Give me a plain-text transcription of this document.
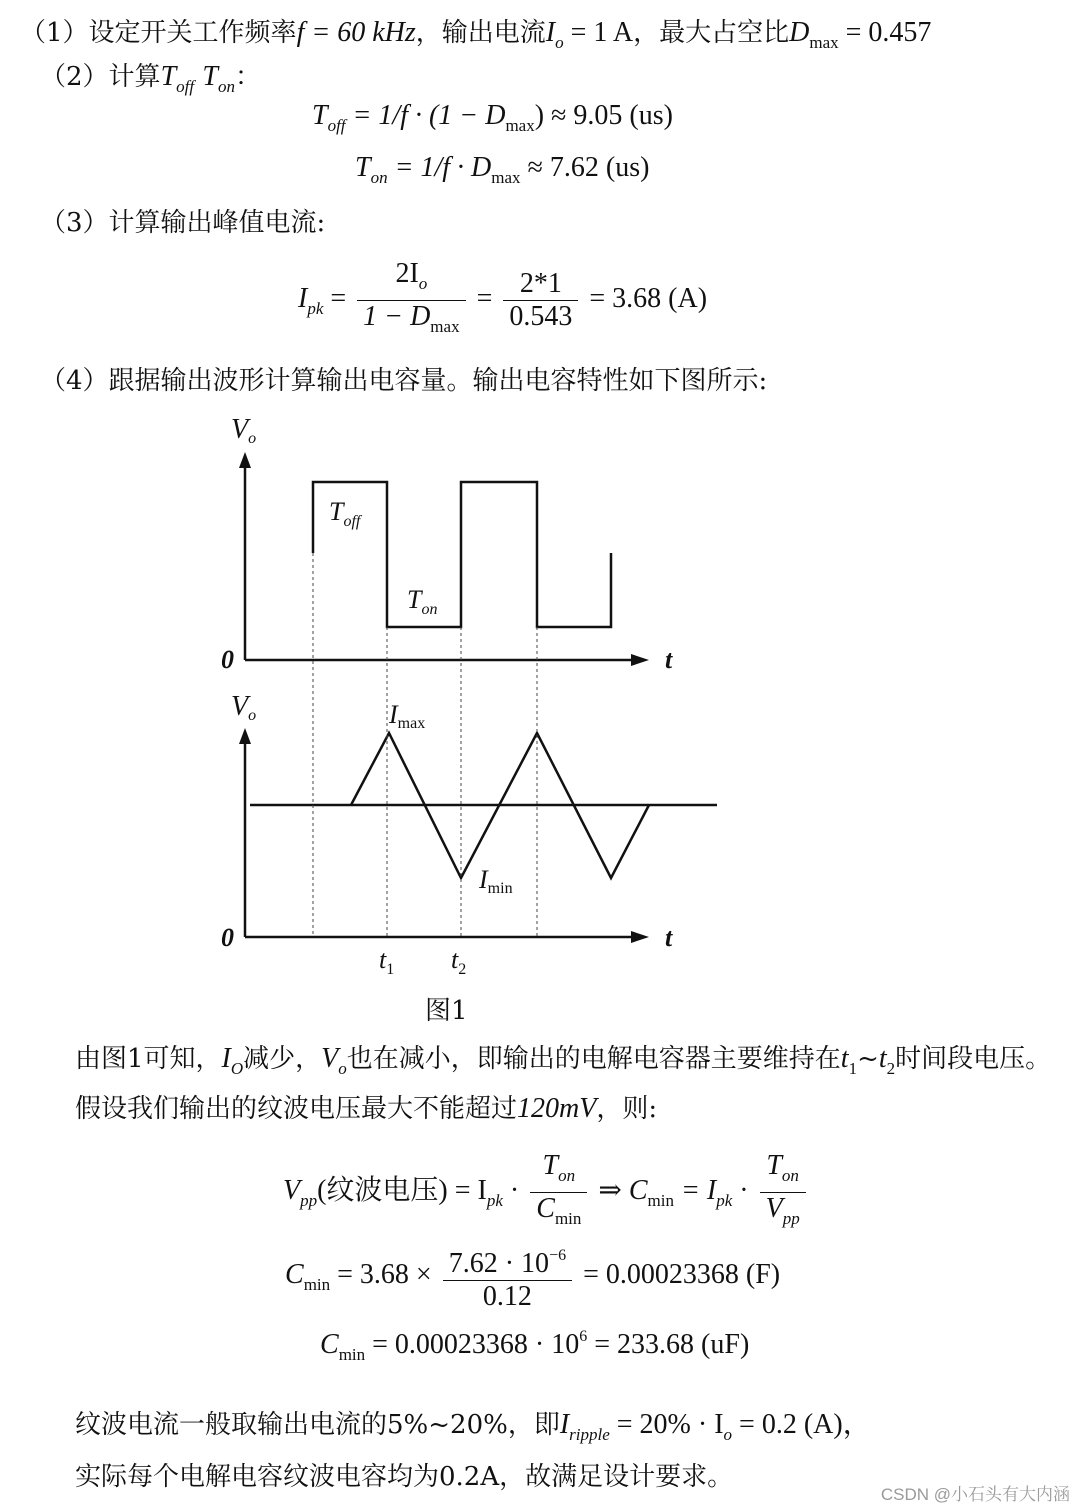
（1）设定开关工作频率f = 60 kHz，输出电流$I_o = 1$ A，最大占空比$D_{max} = 0.457$
（2）计算$T_{off}$ $T_{on}$：
$T_{off} = 1/f \cdot (1 - D_{max}) \approx 9.05$ (us)
$T_{on} = 1/f \cdot D_{max} \approx 7.62$ (us)
（3）计算输出峰值电流:
$I_{pk} = \frac{2I_o}{1 - D_{max}} = \frac{2*1}{0.543} = 3.68$ (A)
（4）跟据输出波形计算输出电容量。输出电容特性如下图所示:
Vo
0	t
$T_{off}$
$T_{on}$
Vo
0	t
Imax
Imin
$t_1$ $t_2$
图1
由图1可知，$I_O$减少，$V_o$也在减小，即输出的电解电容器主要维持在$t_1\sim t_2$时间段电压。
假设我们输出的纹波电压最大不能超过120mV，则:
$V_{pp}$(纹波电压) = $I_{pk} \cdot \frac{T_{on}}{C_{min}}$ ⇒ $C_{min} = I_{pk} \cdot \frac{T_{on}}{V_{pp}}$
$C_{min} = 3.68 \times \frac{7.62 \cdot 10^{-6}}{0.12} = 0.00023368$ (F)
$C_{min} = 0.00023368 \cdot 10^6 = 233.68$ (uF)
纹波电流一般取输出电流的5%~20%，即$I_{ripple} = 20\% \cdot I_o = 0.2$ (A)，
实际每个电解电容纹波电容均为0.2A，故满足设计要求。
CSDN @小石头有大内涵
